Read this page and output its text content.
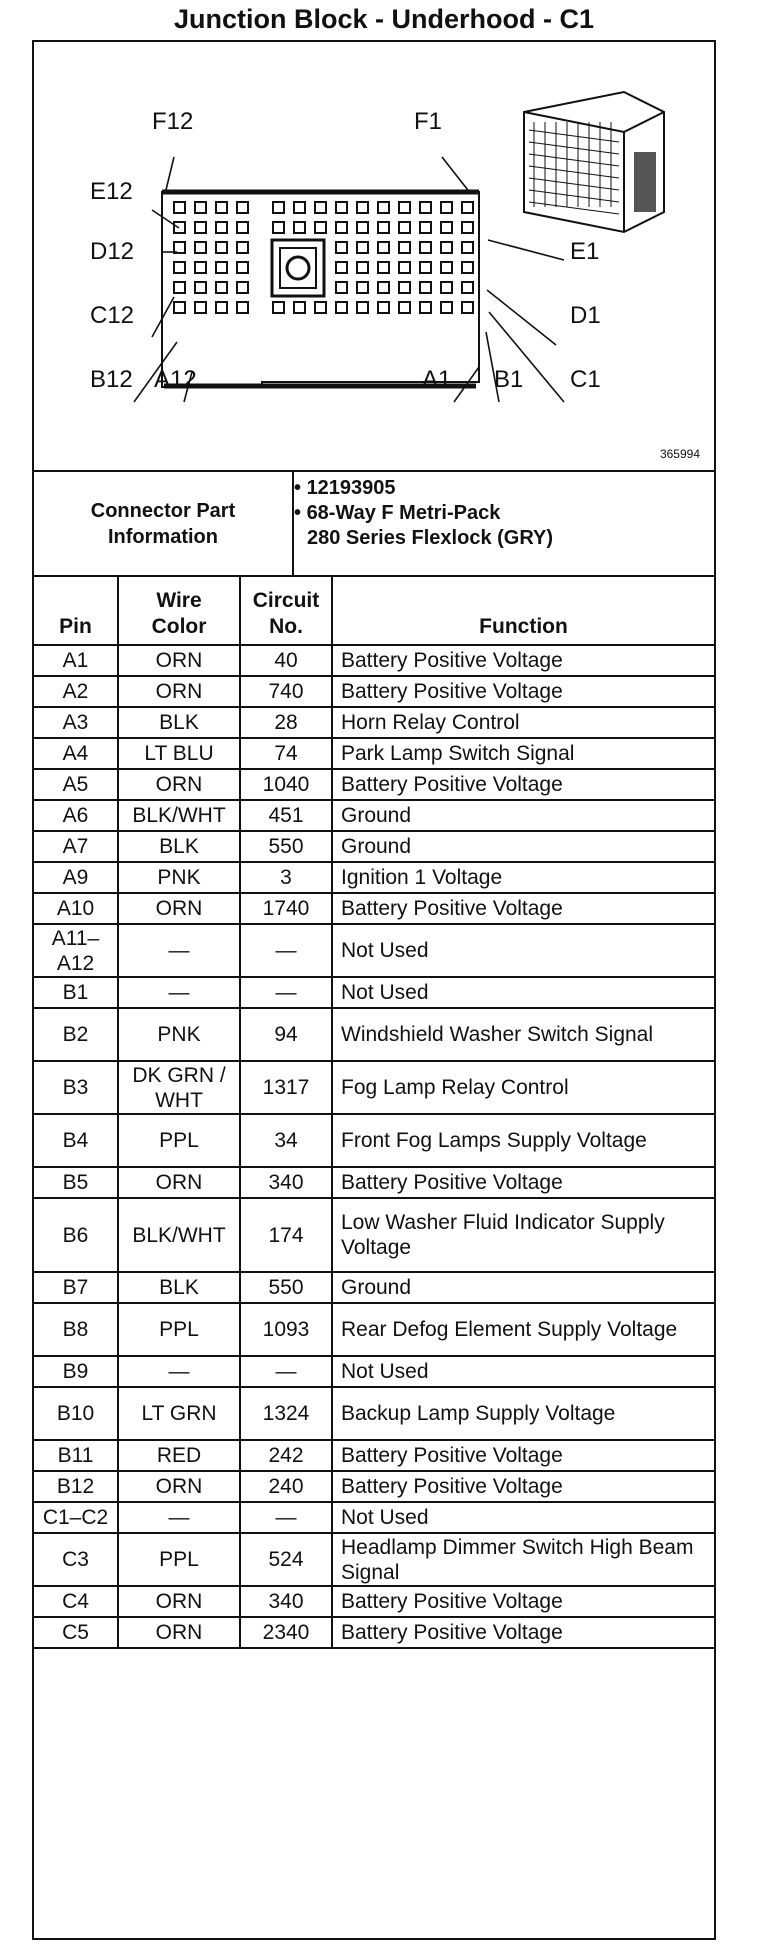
Junction Block - Underhood - C1
F12	F1
E12
E1
D12
D1
C12
C1
B12 A12	A1 B1
365994
Connector Part Information
• 12193905
• 68-Way F Metri-Pack
280 Series Flexlock (GRY)
Pin	Wire Color	Circuit No.	Function
A1	ORN	40	Battery Positive Voltage
A2	ORN	740	Battery Positive Voltage
A3	BLK	28	Horn Relay Control
A4	LT BLU	74	Park Lamp Switch Signal
A5	ORN	1040	Battery Positive Voltage
A6	BLK/WHT	451	Ground
A7	BLK	550	Ground
A9	PNK	3	Ignition 1 Voltage
A10	ORN	1740	Battery Positive Voltage
A11–A12	—	—	Not Used
B1	—	—	Not Used
B2	PNK	94	Windshield Washer Switch Signal
B3	DK GRN / WHT	1317	Fog Lamp Relay Control
B4	PPL	34	Front Fog Lamps Supply Voltage
B5	ORN	340	Battery Positive Voltage
B6	BLK/WHT	174	Low Washer Fluid Indicator Supply Voltage
B7	BLK	550	Ground
B8	PPL	1093	Rear Defog Element Supply Voltage
B9	—	—	Not Used
B10	LT GRN	1324	Backup Lamp Supply Voltage
B11	RED	242	Battery Positive Voltage
B12	ORN	240	Battery Positive Voltage
C1–C2	—	—	Not Used
C3	PPL	524	Headlamp Dimmer Switch High Beam Signal
C4	ORN	340	Battery Positive Voltage
C5	ORN	2340	Battery Positive Voltage
